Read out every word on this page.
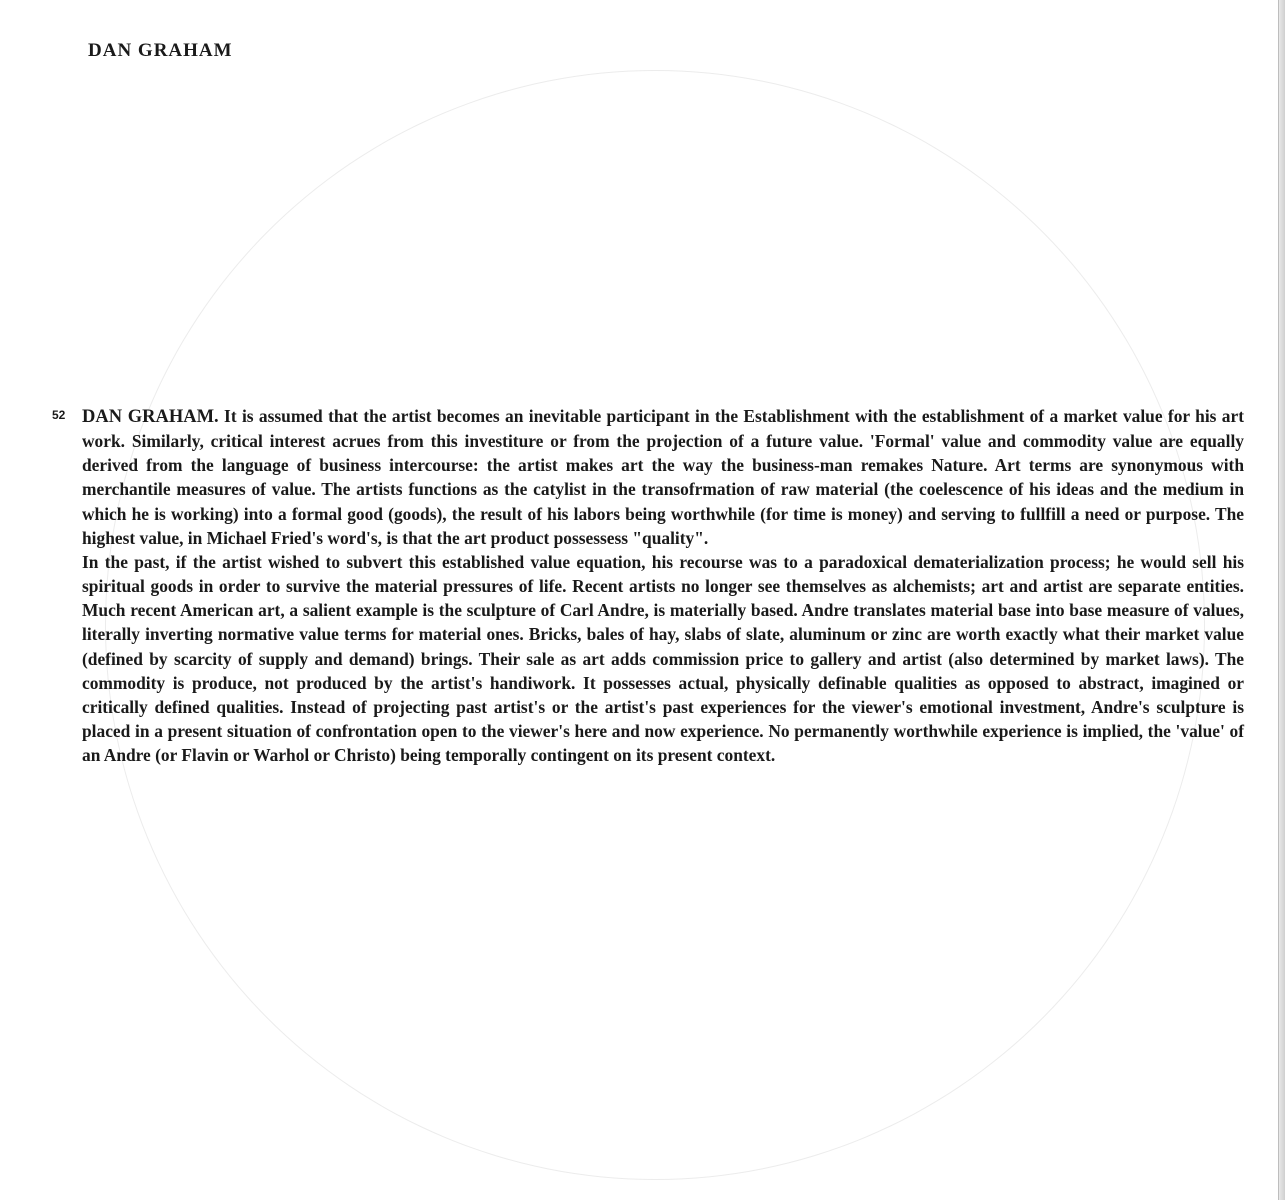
DAN GRAHAM
52 DAN GRAHAM. It is assumed that the artist becomes an inevitable participant in the Establishment with the establishment of a market value for his art work. Similarly, critical interest acrues from this investiture or from the projection of a future value. 'Formal' value and commodity value are equally derived from the language of business intercourse: the artist makes art the way the business-man remakes Nature. Art terms are synonymous with merchantile measures of value. The artists functions as the catylist in the transofrmation of raw material (the coelescence of his ideas and the medium in which he is working) into a formal good (goods), the result of his labors being worthwhile (for time is money) and serving to fullfill a need or purpose. The highest value, in Michael Fried's word's, is that the art product possessess "quality".

In the past, if the artist wished to subvert this established value equation, his recourse was to a paradoxical dematerialization process; he would sell his spiritual goods in order to survive the material pressures of life. Recent artists no longer see themselves as alchemists; art and artist are separate entities. Much recent American art, a salient example is the sculpture of Carl Andre, is materially based. Andre translates material base into base measure of values, literally inverting normative value terms for material ones. Bricks, bales of hay, slabs of slate, aluminum or zinc are worth exactly what their market value (defined by scarcity of supply and demand) brings. Their sale as art adds commission price to gallery and artist (also determined by market laws). The commodity is produce, not produced by the artist's handiwork. It possesses actual, physically definable qualities as opposed to abstract, imagined or critically defined qualities. Instead of projecting past artist's or the artist's past experiences for the viewer's emotional investment, Andre's sculpture is placed in a present situation of confrontation open to the viewer's here and now experience. No permanently worthwhile experience is implied, the 'value' of an Andre (or Flavin or Warhol or Christo) being temporally contingent on its present context.
